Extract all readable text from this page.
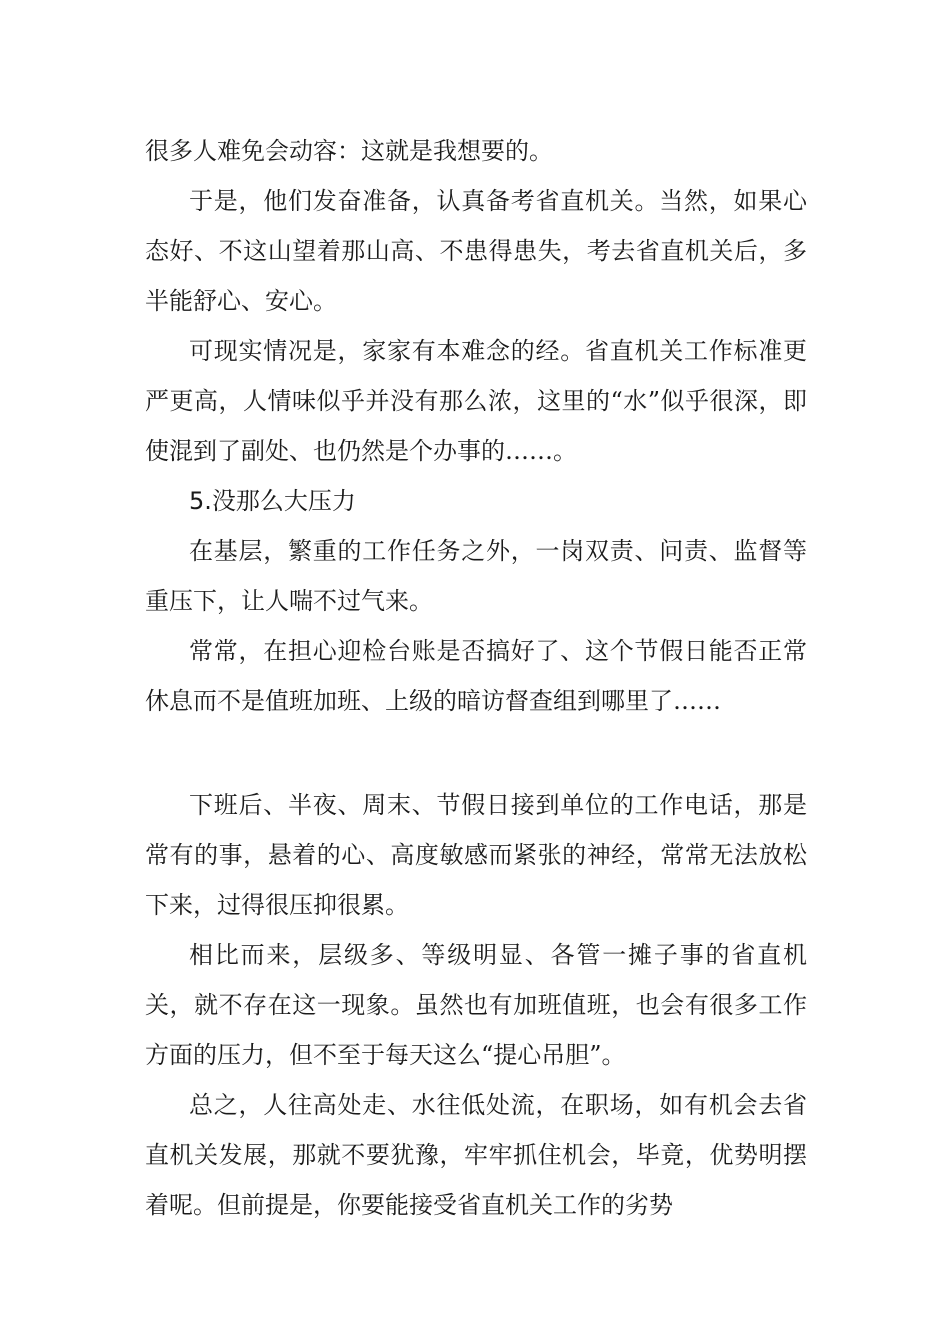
很多人难免会动容：这就是我想要的。

于是，他们发奋准备，认真备考省直机关。当然，如果心态好、不这山望着那山高、不患得患失，考去省直机关后，多半能舒心、安心。

可现实情况是，家家有本难念的经。省直机关工作标准更严更高，人情味似乎并没有那么浓，这里的“水”似乎很深，即使混到了副处、也仍然是个办事的……。

5.没那么大压力

在基层，繁重的工作任务之外，一岗双责、问责、监督等重压下，让人喘不过气来。

常常，在担心迎检台账是否搞好了、这个节假日能否正常休息而不是值班加班、上级的暗访督查组到哪里了……

下班后、半夜、周末、节假日接到单位的工作电话，那是常有的事，悬着的心、高度敏感而紧张的神经，常常无法放松下来，过得很压抑很累。

相比而来，层级多、等级明显、各管一摊子事的省直机关，就不存在这一现象。虽然也有加班值班，也会有很多工作方面的压力，但不至于每天这么“提心吊胆”。

总之，人往高处走、水往低处流，在职场，如有机会去省直机关发展，那就不要犹豫，牢牢抓住机会，毕竟，优势明摆着呢。但前提是，你要能接受省直机关工作的劣势
